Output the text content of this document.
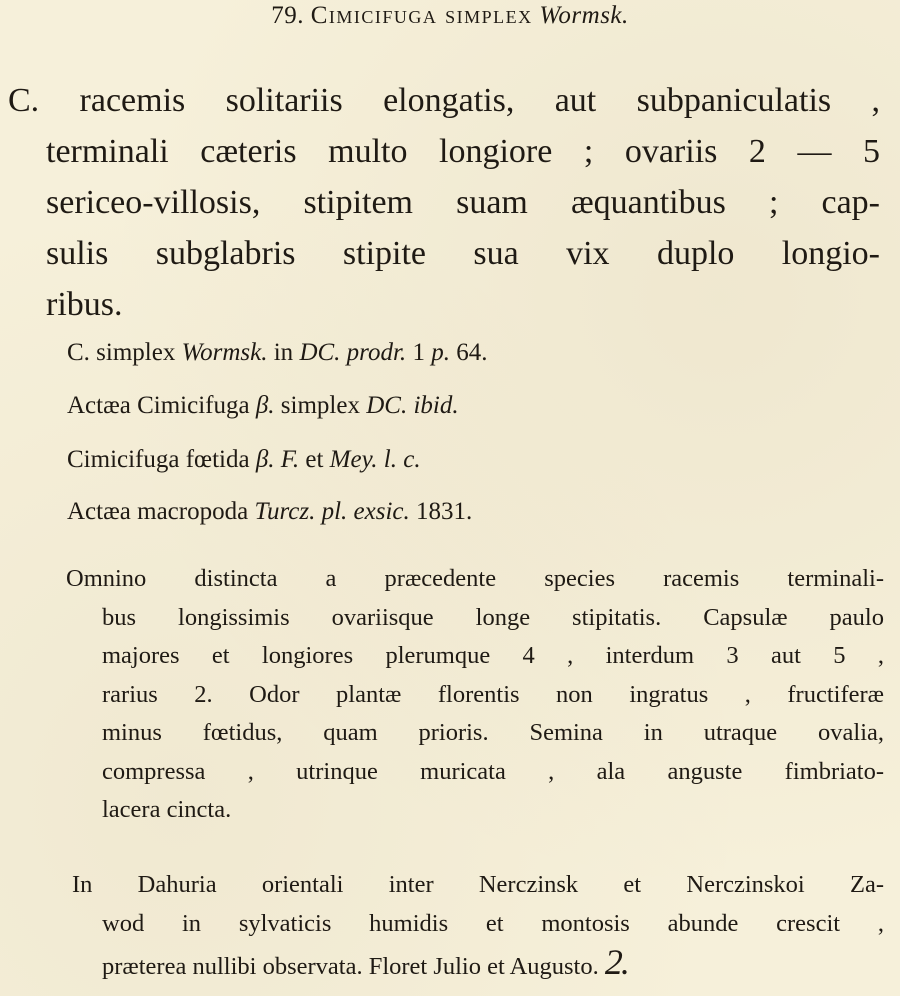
79. Cimicifuga simplex Wormsk.
C. racemis solitariis elongatis, aut subpaniculatis ,
terminali cæteris multo longiore ; ovariis 2 — 5
sericeo-villosis, stipitem suam æquantibus ; cap-
sulis subglabris stipite sua vix duplo longio-
ribus.
C. simplex Wormsk. in DC. prodr. 1 p. 64.
Actæa Cimicifuga β. simplex DC. ibid.
Cimicifuga fœtida β. F. et Mey. l. c.
Actæa macropoda Turcz. pl. exsic. 1831.
Omnino distincta a præcedente species racemis terminali-
bus longissimis ovariisque longe stipitatis. Capsulæ paulo
majores et longiores plerumque 4 , interdum 3 aut 5 ,
rarius 2. Odor plantæ florentis non ingratus , fructiferæ
minus fœtidus, quam prioris. Semina in utraque ovalia,
compressa , utrinque muricata , ala anguste fimbriato-
lacera cincta.
In Dahuria orientali inter Nerczinsk et Nerczinskoi Za-
wod in sylvaticis humidis et montosis abunde crescit ,
præterea nullibi observata. Floret Julio et Augusto. 2.
